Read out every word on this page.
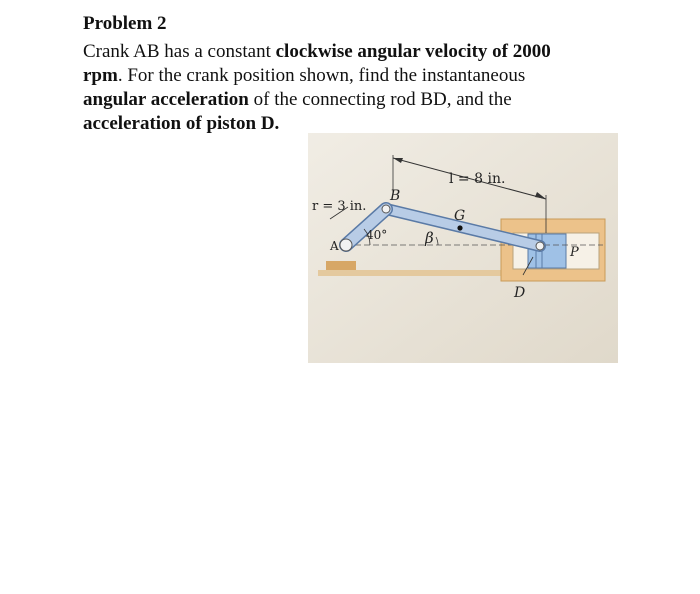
Problem 2

Crank AB has a constant clockwise angular velocity of 2000
rpm. For the crank position shown, find the instantaneous
angular acceleration of the connecting rod BD, and the
acceleration of piston D.

l = 8 in.
r = 3 in.
B
G
A
40°	β
P
D
